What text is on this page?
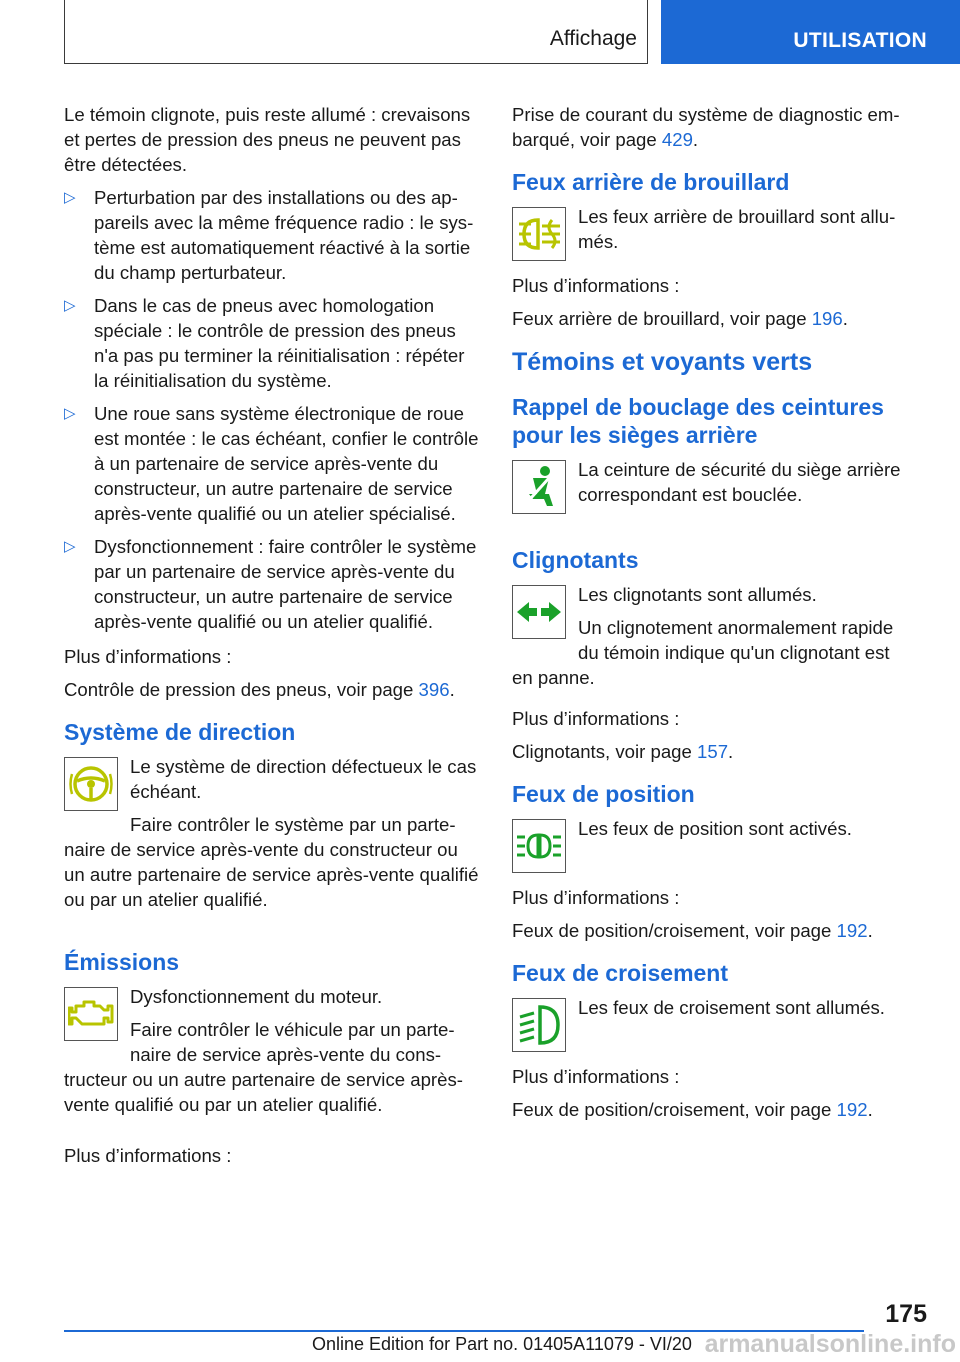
Affichage	UTILISATION

Le témoin clignote, puis reste allumé : crevaisons et pertes de pression des pneus ne peuvent pas être détectées.

▷ Perturbation par des installations ou des appareils avec la même fréquence radio : le système est automatiquement réactivé à la sortie du champ perturbateur.
▷ Dans le cas de pneus avec homologation spéciale : le contrôle de pression des pneus n'a pas pu terminer la réinitialisation : répéter la réinitialisation du système.
▷ Une roue sans système électronique de roue est montée : le cas échéant, confier le contrôle à un partenaire de service après-vente du constructeur, un autre partenaire de service après-vente qualifié ou un atelier spécialisé.
▷ Dysfonctionnement : faire contrôler le système par un partenaire de service après-vente du constructeur, un autre partenaire de service après-vente qualifié ou un atelier qualifié.

Plus d’informations :

Contrôle de pression des pneus, voir page 396.

Système de direction

Le système de direction défectueux le cas échéant.

Faire contrôler le système par un partenaire de service après-vente du constructeur ou un autre partenaire de service après-vente qualifié ou par un atelier qualifié.

Émissions

Dysfonctionnement du moteur.

Faire contrôler le véhicule par un partenaire de service après-vente du constructeur ou un autre partenaire de service après-vente qualifié ou par un atelier qualifié.

Plus d’informations :

Prise de courant du système de diagnostic embarqué, voir page 429.

Feux arrière de brouillard

Les feux arrière de brouillard sont allumés.

Plus d’informations :

Feux arrière de brouillard, voir page 196.

Témoins et voyants verts
Rappel de bouclage des ceintures pour les sièges arrière

La ceinture de sécurité du siège arrière correspondant est bouclée.

Clignotants

Les clignotants sont allumés.

Un clignotement anormalement rapide du témoin indique qu'un clignotant est en panne.

Plus d’informations :

Clignotants, voir page 157.

Feux de position

Les feux de position sont activés.

Plus d’informations :

Feux de position/croisement, voir page 192.

Feux de croisement

Les feux de croisement sont allumés.

Plus d’informations :

Feux de position/croisement, voir page 192.

175
Online Edition for Part no. 01405A11079 - VI/20 armanualsonline.info
